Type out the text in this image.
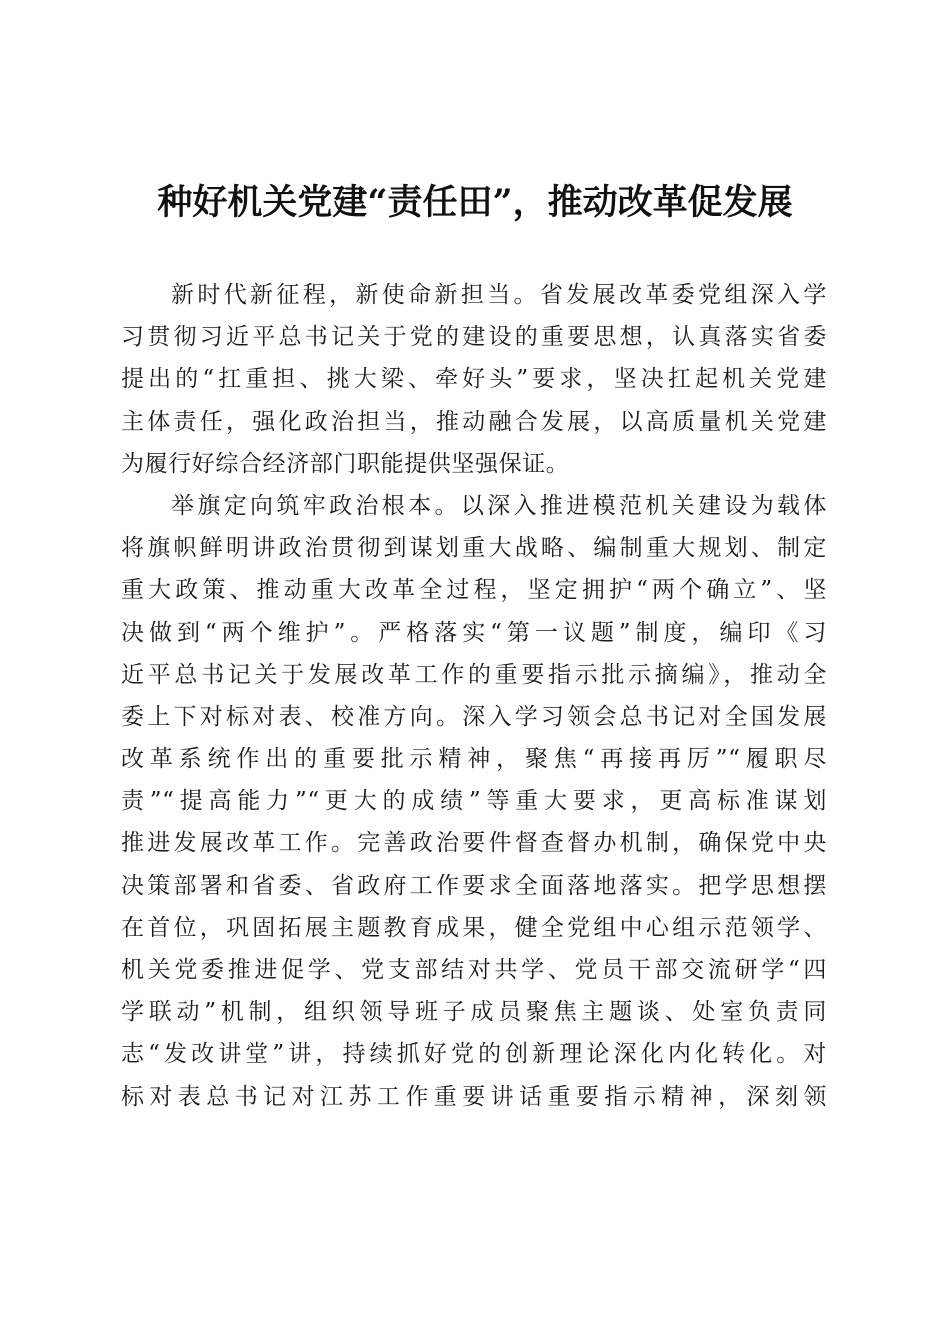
种好机关党建“责任田”，推动改革促发展

新时代新征程，新使命新担当。省发展改革委党组深入学
习贯彻习近平总书记关于党的建设的重要思想，认真落实省委
提出的“扛重担、挑大梁、牵好头”要求，坚决扛起机关党建
主体责任，强化政治担当，推动融合发展，以高质量机关党建
为履行好综合经济部门职能提供坚强保证。

举旗定向筑牢政治根本。以深入推进模范机关建设为载体
将旗帜鲜明讲政治贯彻到谋划重大战略、编制重大规划、制定
重大政策、推动重大改革全过程，坚定拥护“两个确立”、坚
决做到“两个维护”。严格落实“第一议题”制度，编印《习
近平总书记关于发展改革工作的重要指示批示摘编》，推动全
委上下对标对表、校准方向。深入学习领会总书记对全国发展
改革系统作出的重要批示精神，聚焦“再接再厉”“履职尽
责”“提高能力”“更大的成绩”等重大要求，更高标准谋划
推进发展改革工作。完善政治要件督查督办机制，确保党中央
决策部署和省委、省政府工作要求全面落地落实。把学思想摆
在首位，巩固拓展主题教育成果，健全党组中心组示范领学、
机关党委推进促学、党支部结对共学、党员干部交流研学“四
学联动”机制，组织领导班子成员聚焦主题谈、处室负责同
志“发改讲堂”讲，持续抓好党的创新理论深化内化转化。对
标对表总书记对江苏工作重要讲话重要指示精神，深刻领
